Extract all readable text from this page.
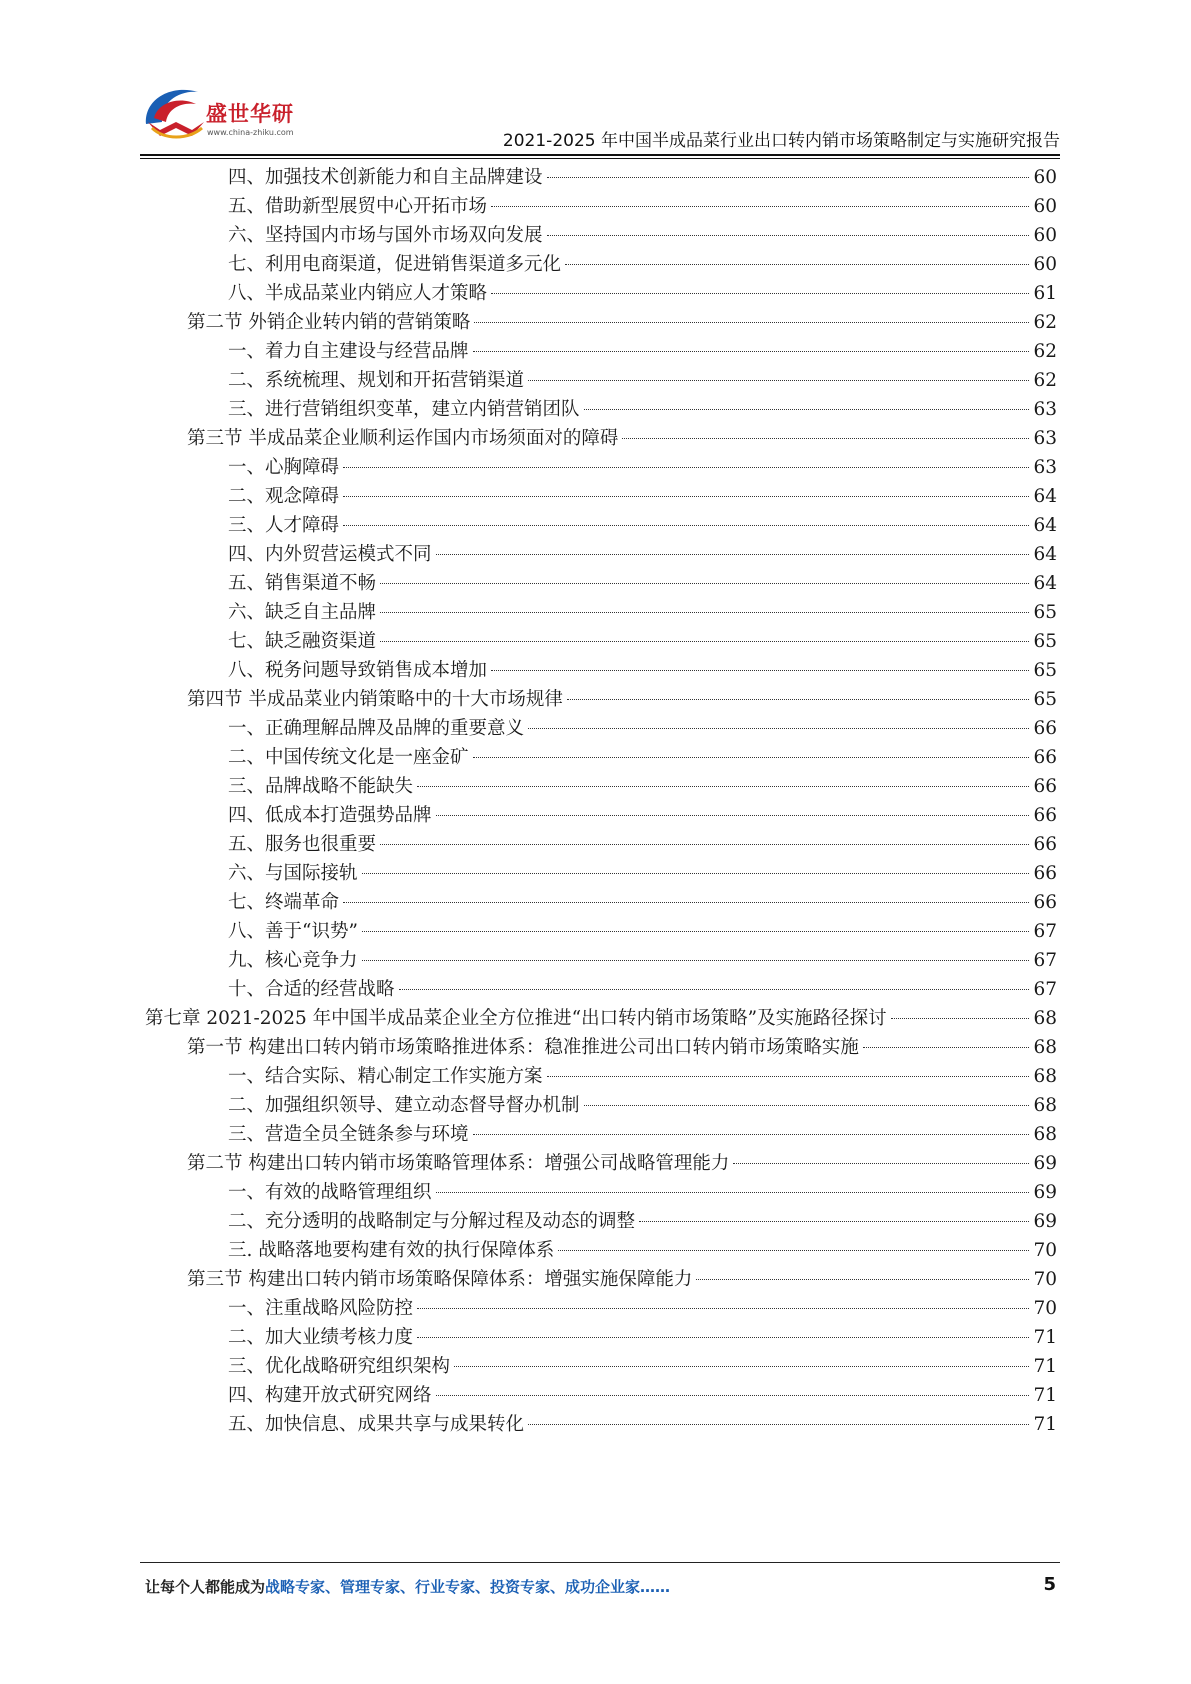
盛世华研
www.china-zhiku.com	2021-2025 年中国半成品菜行业出口转内销市场策略制定与实施研究报告
四、加强技术创新能力和自主品牌建设	60
五、借助新型展贸中心开拓市场	60
六、坚持国内市场与国外市场双向发展	60
七、利用电商渠道，促进销售渠道多元化	60
八、半成品菜业内销应人才策略	61
第二节 外销企业转内销的营销策略	62
一、着力自主建设与经营品牌	62
二、系统梳理、规划和开拓营销渠道	62
三、进行营销组织变革，建立内销营销团队	63
第三节 半成品菜企业顺利运作国内市场须面对的障碍	63
一、心胸障碍	63
二、观念障碍	64
三、人才障碍	64
四、内外贸营运模式不同	64
五、销售渠道不畅	64
六、缺乏自主品牌	65
七、缺乏融资渠道	65
八、税务问题导致销售成本增加	65
第四节 半成品菜业内销策略中的十大市场规律	65
一、正确理解品牌及品牌的重要意义	66
二、中国传统文化是一座金矿	66
三、品牌战略不能缺失	66
四、低成本打造强势品牌	66
五、服务也很重要	66
六、与国际接轨	66
七、终端革命	66
八、善于“识势”	67
九、核心竞争力	67
十、合适的经营战略	67
第七章 2021-2025 年中国半成品菜企业全方位推进“出口转内销市场策略”及实施路径探讨	68
第一节 构建出口转内销市场策略推进体系：稳准推进公司出口转内销市场策略实施	68
一、结合实际、精心制定工作实施方案	68
二、加强组织领导、建立动态督导督办机制	68
三、营造全员全链条参与环境	68
第二节 构建出口转内销市场策略管理体系：增强公司战略管理能力	69
一、有效的战略管理组织	69
二、充分透明的战略制定与分解过程及动态的调整	69
三. 战略落地要构建有效的执行保障体系	70
第三节 构建出口转内销市场策略保障体系：增强实施保障能力	70
一、注重战略风险防控	70
二、加大业绩考核力度	71
三、优化战略研究组织架构	71
四、构建开放式研究网络	71
五、加快信息、成果共享与成果转化	71
让每个人都能成为战略专家、管理专家、行业专家、投资专家、成功企业家……	5
